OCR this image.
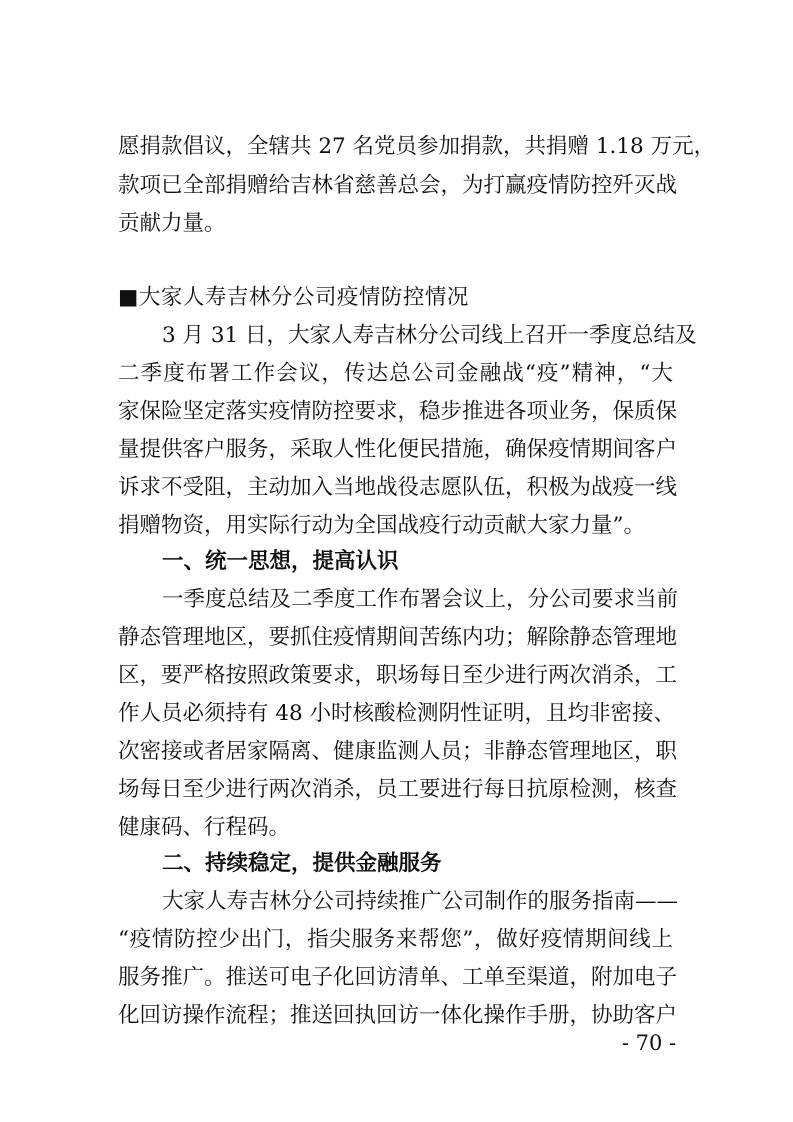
愿捐款倡议，全辖共 27 名党员参加捐款，共捐赠 1.18 万元，
款项已全部捐赠给吉林省慈善总会，为打赢疫情防控歼灭战
贡献力量。
■大家人寿吉林分公司疫情防控情况
3 月 31 日，大家人寿吉林分公司线上召开一季度总结及
二季度布署工作会议，传达总公司金融战“疫”精神，“大
家保险坚定落实疫情防控要求，稳步推进各项业务，保质保
量提供客户服务，采取人性化便民措施，确保疫情期间客户
诉求不受阻，主动加入当地战役志愿队伍，积极为战疫一线
捐赠物资，用实际行动为全国战疫行动贡献大家力量”。
一、统一思想，提高认识
一季度总结及二季度工作布署会议上，分公司要求当前
静态管理地区，要抓住疫情期间苦练内功；解除静态管理地
区，要严格按照政策要求，职场每日至少进行两次消杀，工
作人员必须持有 48 小时核酸检测阴性证明，且均非密接、
次密接或者居家隔离、健康监测人员；非静态管理地区，职
场每日至少进行两次消杀，员工要进行每日抗原检测，核查
健康码、行程码。
二、持续稳定，提供金融服务
大家人寿吉林分公司持续推广公司制作的服务指南——
“疫情防控少出门，指尖服务来帮您”，做好疫情期间线上
服务推广。推送可电子化回访清单、工单至渠道，附加电子
化回访操作流程；推送回执回访一体化操作手册，协助客户
- 70 -
